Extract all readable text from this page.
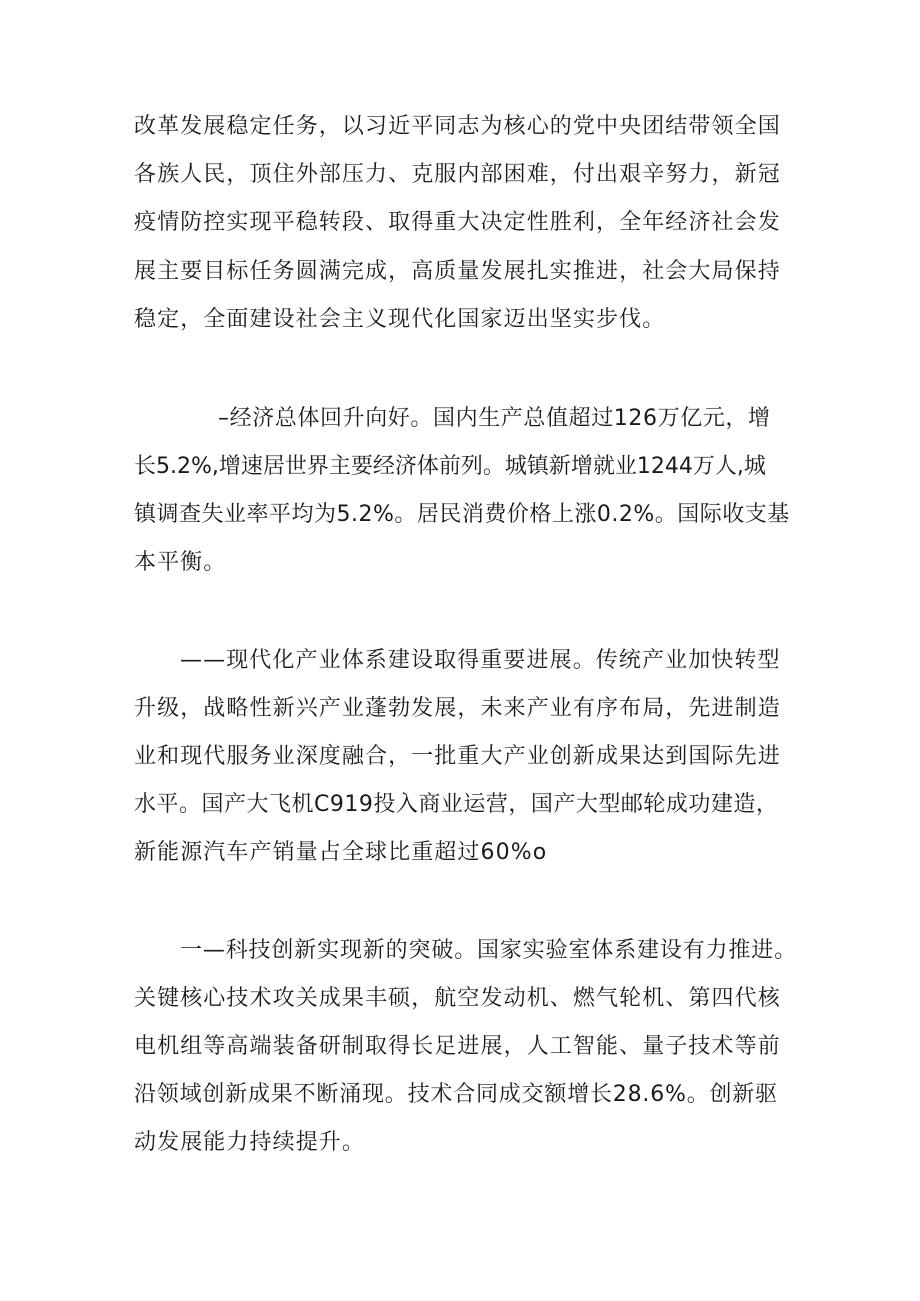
改革发展稳定任务，以习近平同志为核心的党中央团结带领全国
各族人民，顶住外部压力、克服内部困难，付出艰辛努力，新冠
疫情防控实现平稳转段、取得重大决定性胜利，全年经济社会发
展主要目标任务圆满完成，高质量发展扎实推进，社会大局保持
稳定，全面建设社会主义现代化国家迈出坚实步伐。
–经济总体回升向好。国内生产总值超过126万亿元，增
长5.2%,增速居世界主要经济体前列。城镇新增就业1244万人,城
镇调查失业率平均为5.2%。居民消费价格上涨0.2%。国际收支基
本平衡。
——现代化产业体系建设取得重要进展。传统产业加快转型
升级，战略性新兴产业蓬勃发展，未来产业有序布局，先进制造
业和现代服务业深度融合，一批重大产业创新成果达到国际先进
水平。国产大飞机C919投入商业运营，国产大型邮轮成功建造，
新能源汽车产销量占全球比重超过60%o
一—科技创新实现新的突破。国家实验室体系建设有力推进。
关键核心技术攻关成果丰硕，航空发动机、燃气轮机、第四代核
电机组等高端装备研制取得长足进展，人工智能、量子技术等前
沿领域创新成果不断涌现。技术合同成交额增长28.6%。创新驱
动发展能力持续提升。
